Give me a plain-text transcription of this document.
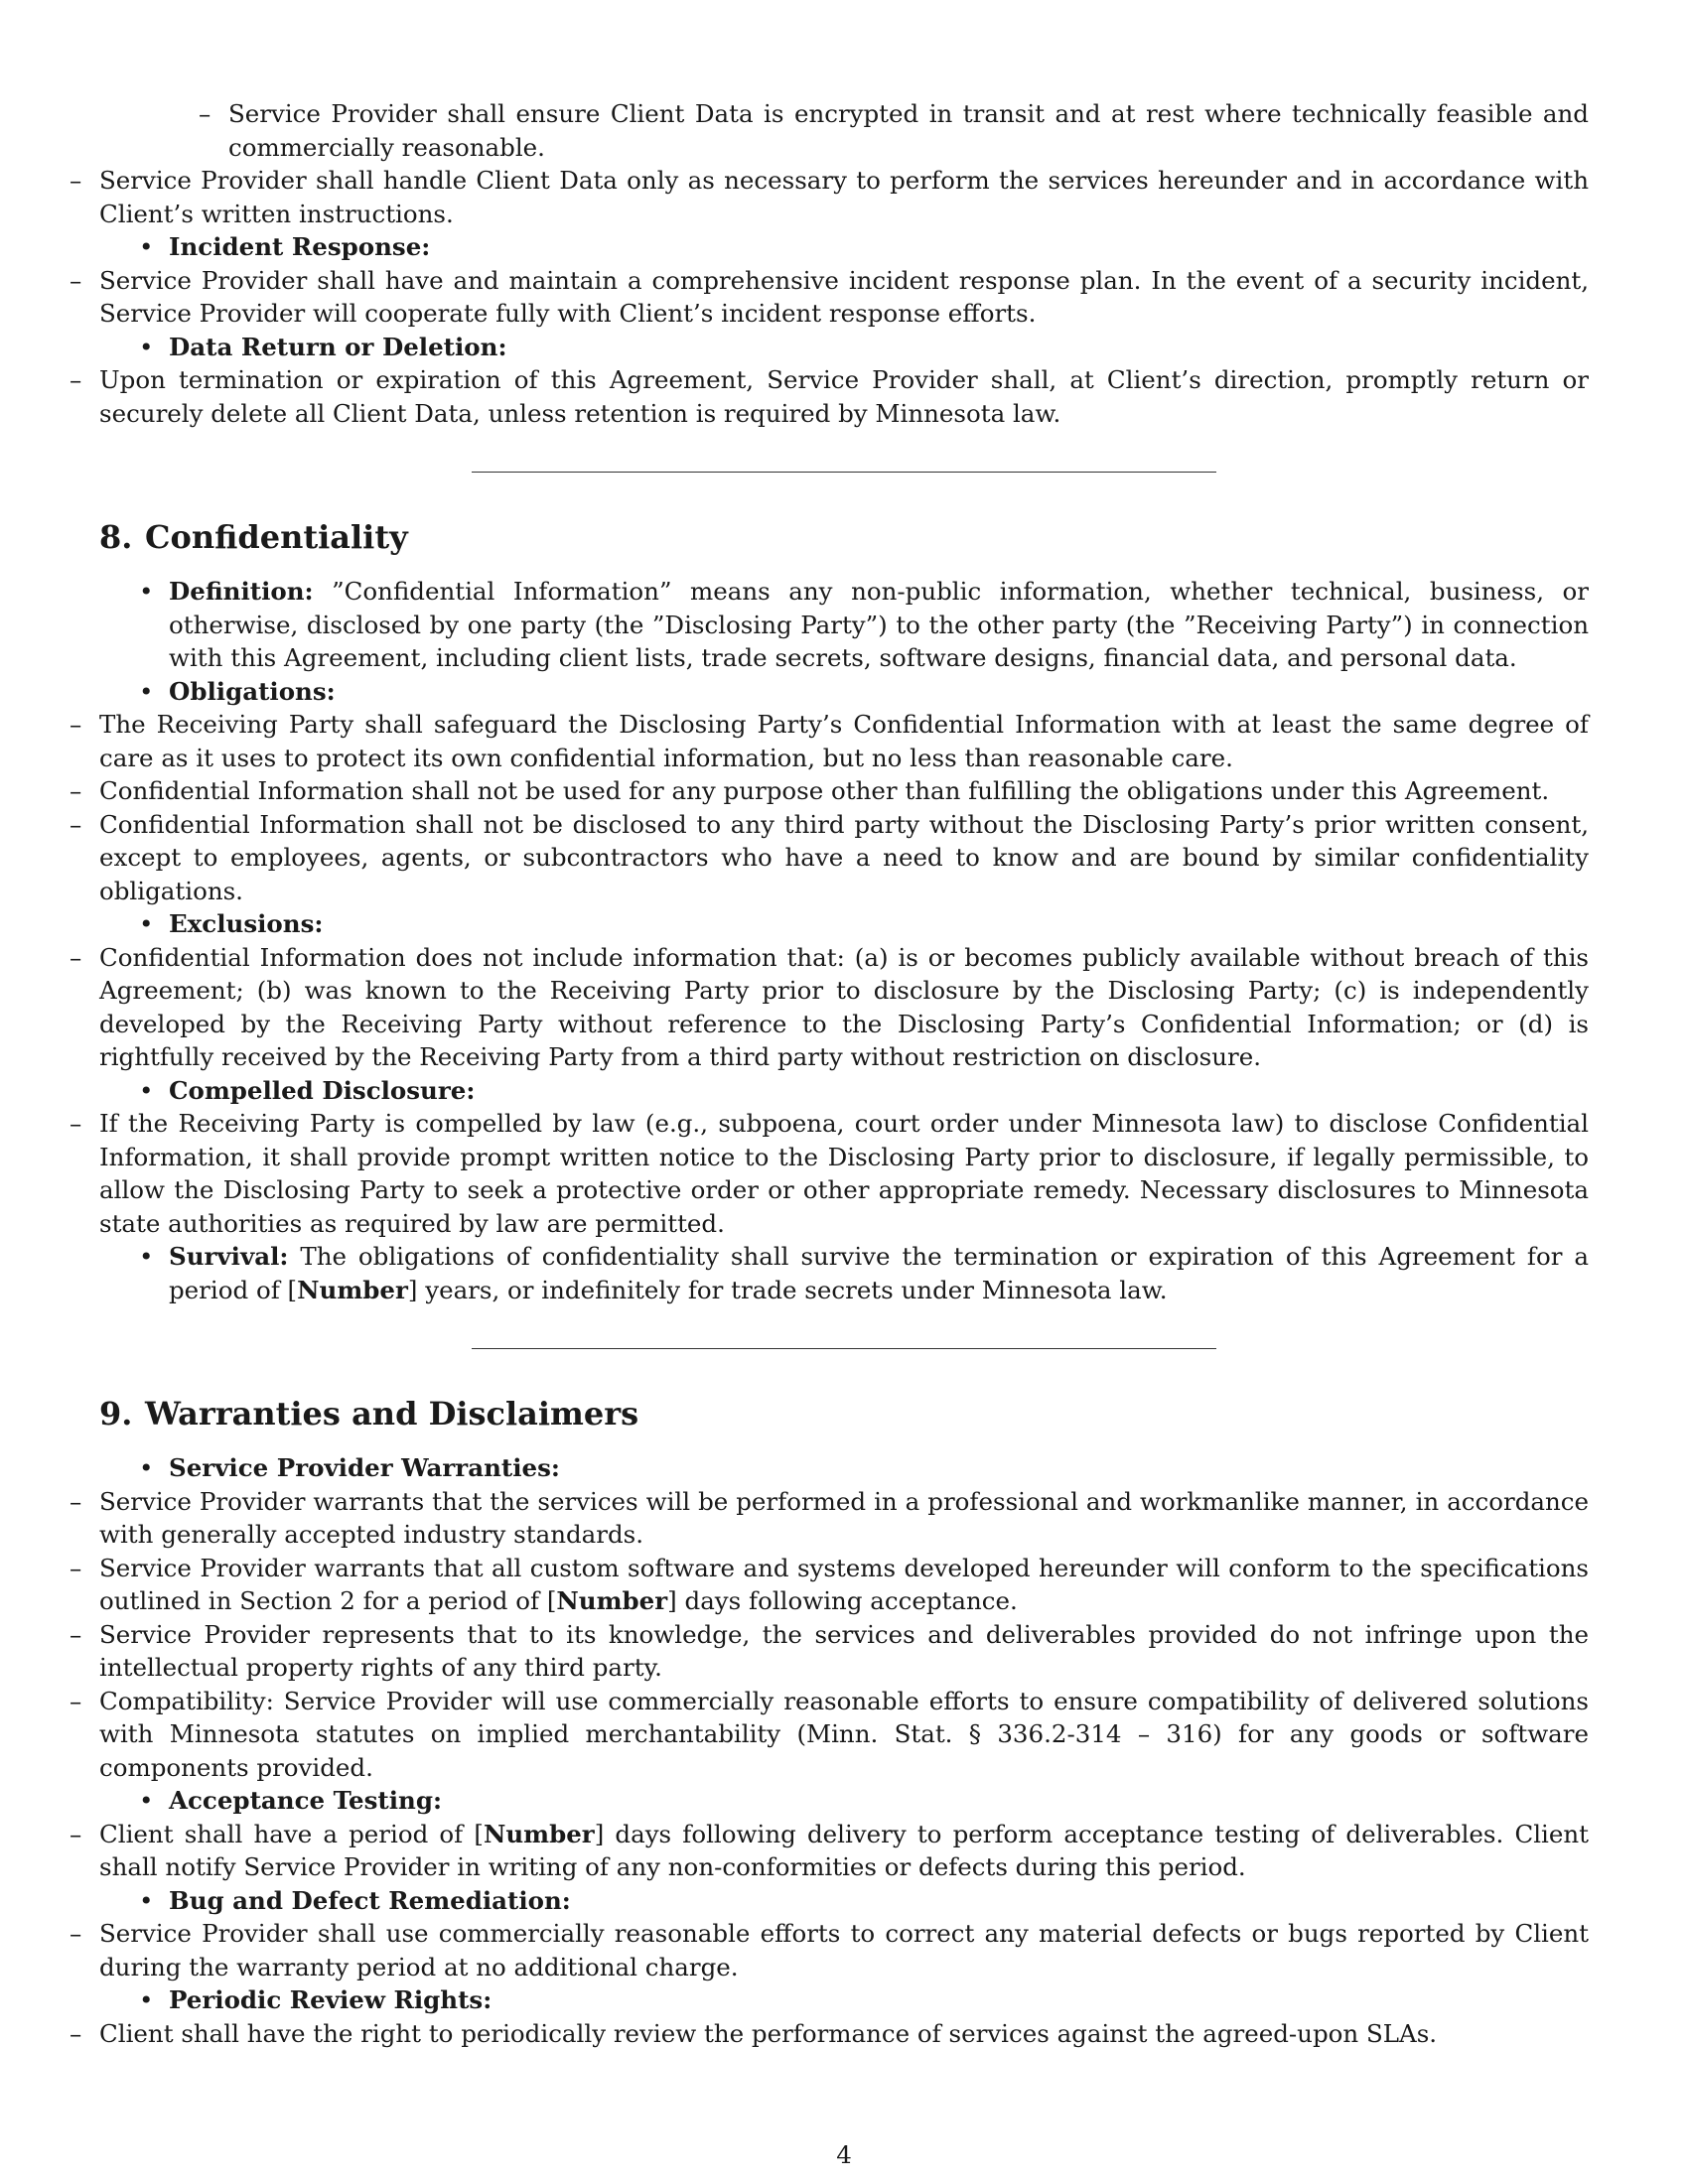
– Service Provider shall ensure Client Data is encrypted in transit and at rest where technically feasible and commercially reasonable.

– Service Provider shall handle Client Data only as necessary to perform the services hereunder and in accordance with Client’s written instructions.

• Incident Response:

– Service Provider shall have and maintain a comprehensive incident response plan. In the event of a security incident, Service Provider will cooperate fully with Client’s incident response efforts.

• Data Return or Deletion:

– Upon termination or expiration of this Agreement, Service Provider shall, at Client’s direction, promptly return or securely delete all Client Data, unless retention is required by Minnesota law.

8. Confidentiality
• Definition: ”Confidential Information” means any non-public information, whether technical, business, or otherwise, disclosed by one party (the ”Disclosing Party”) to the other party (the ”Receiving Party”) in connection with this Agreement, including client lists, trade secrets, software designs, financial data, and personal data.
• Obligations:

– The Receiving Party shall safeguard the Disclosing Party’s Confidential Information with at least the same degree of care as it uses to protect its own confidential information, but no less than reasonable care.

– Confidential Information shall not be used for any purpose other than fulfilling the obligations under this Agreement.

– Confidential Information shall not be disclosed to any third party without the Disclosing Party’s prior written consent, except to employees, agents, or subcontractors who have a need to know and are bound by similar confidentiality obligations.

• Exclusions:

– Confidential Information does not include information that: (a) is or becomes publicly available without breach of this Agreement; (b) was known to the Receiving Party prior to disclosure by the Disclosing Party; (c) is independently developed by the Receiving Party without reference to the Disclosing Party’s Confidential Information; or (d) is rightfully received by the Receiving Party from a third party without restriction on disclosure.

• Compelled Disclosure:

– If the Receiving Party is compelled by law (e.g., subpoena, court order under Minnesota law) to disclose Confidential Information, it shall provide prompt written notice to the Disclosing Party prior to disclosure, if legally permissible, to allow the Disclosing Party to seek a protective order or other appropriate remedy. Necessary disclosures to Minnesota state authorities as required by law are permitted.

• Survival: The obligations of confidentiality shall survive the termination or expiration of this Agreement for a period of [Number] years, or indefinitely for trade secrets under Minnesota law.
9. Warranties and Disclaimers
• Service Provider Warranties:

– Service Provider warrants that the services will be performed in a professional and workmanlike manner, in accordance with generally accepted industry standards.

– Service Provider warrants that all custom software and systems developed hereunder will conform to the specifications outlined in Section 2 for a period of [Number] days following acceptance.

– Service Provider represents that to its knowledge, the services and deliverables provided do not infringe upon the intellectual property rights of any third party.

– Compatibility: Service Provider will use commercially reasonable efforts to ensure compatibility of delivered solutions with Minnesota statutes on implied merchantability (Minn. Stat. § 336.2-314 – 316) for any goods or software components provided.

• Acceptance Testing:

– Client shall have a period of [Number] days following delivery to perform acceptance testing of deliverables. Client shall notify Service Provider in writing of any non-conformities or defects during this period.

• Bug and Defect Remediation:

– Service Provider shall use commercially reasonable efforts to correct any material defects or bugs reported by Client during the warranty period at no additional charge.

• Periodic Review Rights:

– Client shall have the right to periodically review the performance of services against the agreed-upon SLAs.

4
